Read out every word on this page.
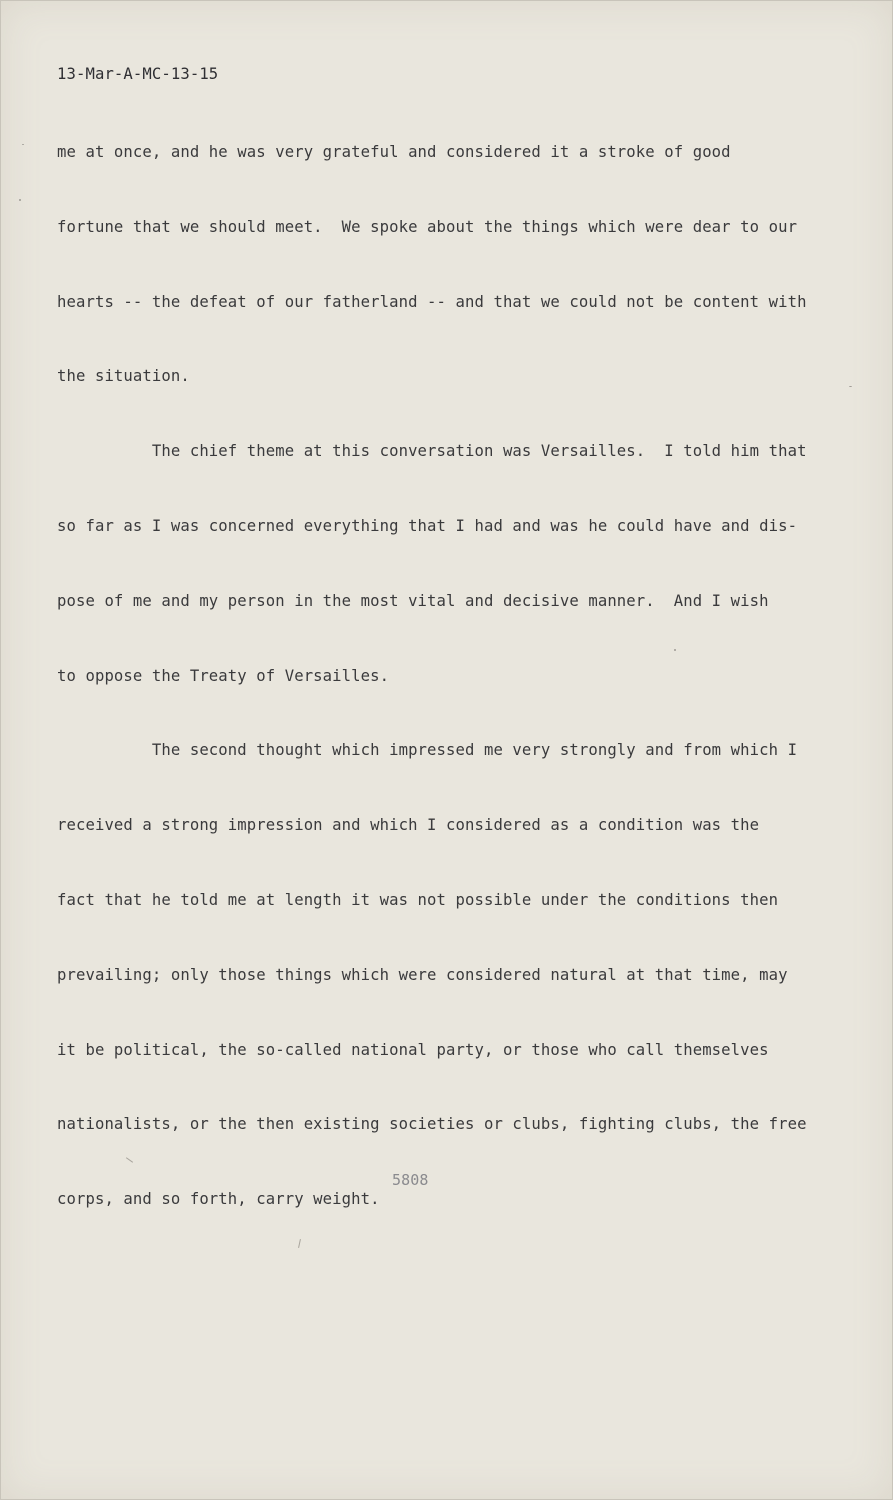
13-Mar-A-MC-13-15

me at once, and he was very grateful and considered it a stroke of good

fortune that we should meet.  We spoke about the things which were dear to our

hearts -- the defeat of our fatherland -- and that we could not be content with

the situation.

The chief theme at this conversation was Versailles.  I told him that

so far as I was concerned everything that I had and was he could have and dis-

pose of me and my person in the most vital and decisive manner.  And I wish

to oppose the Treaty of Versailles.

The second thought which impressed me very strongly and from which I

received a strong impression and which I considered as a condition was the

fact that he told me at length it was not possible under the conditions then

prevailing; only those things which were considered natural at that time, may

it be political, the so-called national party, or those who call themselves

nationalists, or the then existing societies or clubs, fighting clubs, the free

corps, and so forth, carry weight.

5808
